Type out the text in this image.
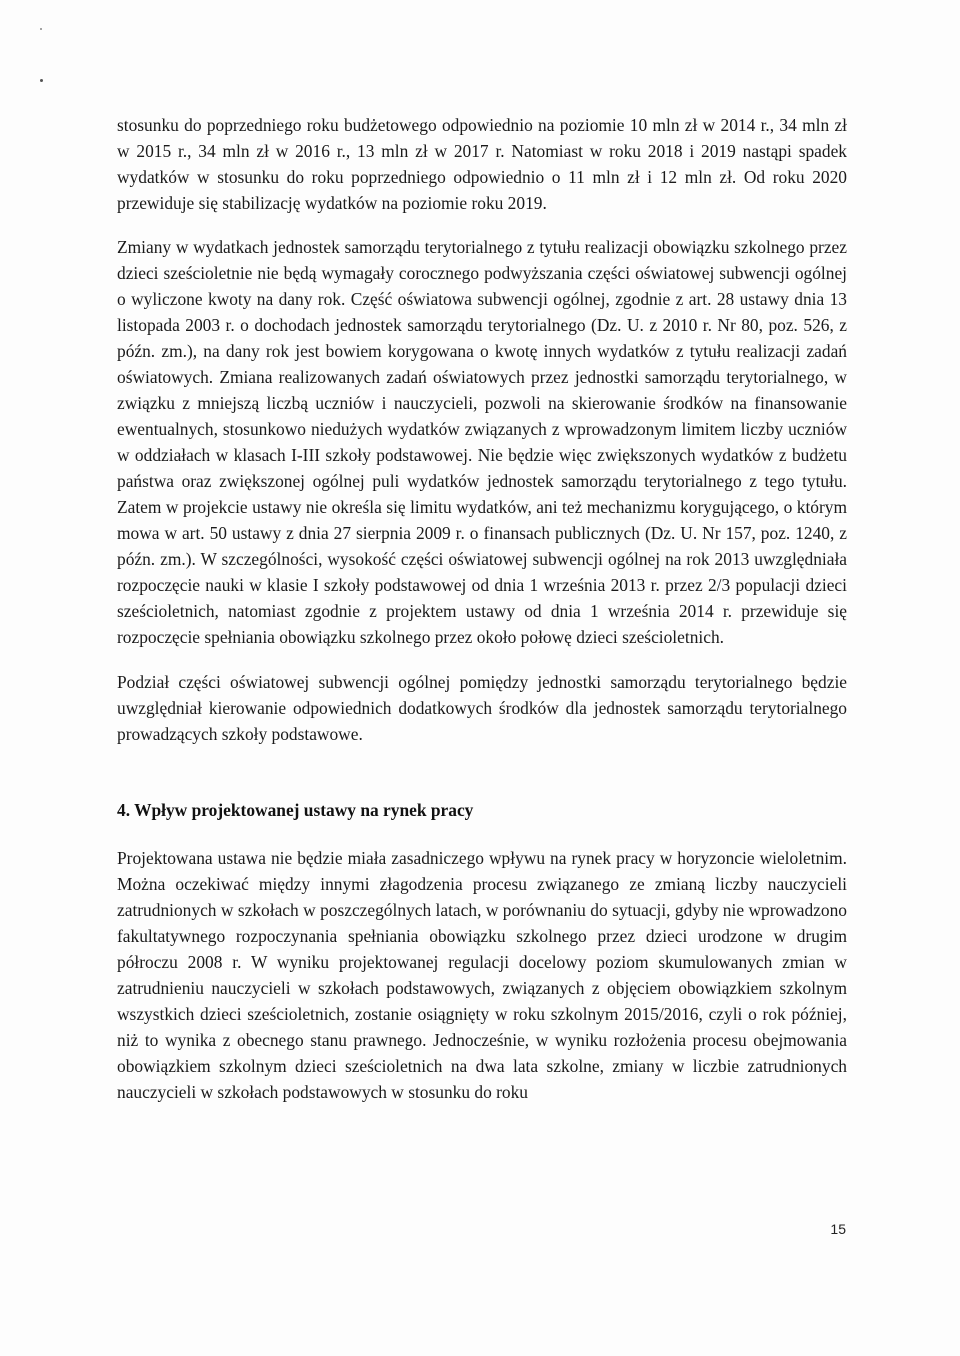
stosunku do poprzedniego roku budżetowego odpowiednio na poziomie 10 mln zł w 2014 r., 34 mln zł w 2015 r., 34 mln zł w 2016 r., 13 mln zł w 2017 r. Natomiast w roku 2018 i 2019 nastąpi spadek wydatków w stosunku do roku poprzedniego odpowiednio o 11 mln zł i 12 mln zł. Od roku 2020 przewiduje się stabilizację wydatków na poziomie roku 2019.

Zmiany w wydatkach jednostek samorządu terytorialnego z tytułu realizacji obowiązku szkolnego przez dzieci sześcioletnie nie będą wymagały corocznego podwyższania części oświatowej subwencji ogólnej o wyliczone kwoty na dany rok. Część oświatowa subwencji ogólnej, zgodnie z art. 28 ustawy dnia 13 listopada 2003 r. o dochodach jednostek samorządu terytorialnego (Dz. U. z 2010 r. Nr 80, poz. 526, z późn. zm.), na dany rok jest bowiem korygowana o kwotę innych wydatków z tytułu realizacji zadań oświatowych. Zmiana realizowanych zadań oświatowych przez jednostki samorządu terytorialnego, w związku z mniejszą liczbą uczniów i nauczycieli, pozwoli na skierowanie środków na finansowanie ewentualnych, stosunkowo niedużych wydatków związanych z wprowadzonym limitem liczby uczniów w oddziałach w klasach I-III szkoły podstawowej. Nie będzie więc zwiększonych wydatków z budżetu państwa oraz zwiększonej ogólnej puli wydatków jednostek samorządu terytorialnego z tego tytułu. Zatem w projekcie ustawy nie określa się limitu wydatków, ani też mechanizmu korygującego, o którym mowa w art. 50 ustawy z dnia 27 sierpnia 2009 r. o finansach publicznych (Dz. U. Nr 157, poz. 1240, z późn. zm.). W szczególności, wysokość części oświatowej subwencji ogólnej na rok 2013 uwzględniała rozpoczęcie nauki w klasie I szkoły podstawowej od dnia 1 września 2013 r. przez 2/3 populacji dzieci sześcioletnich, natomiast zgodnie z projektem ustawy od dnia 1 września 2014 r. przewiduje się rozpoczęcie spełniania obowiązku szkolnego przez około połowę dzieci sześcioletnich.

Podział części oświatowej subwencji ogólnej pomiędzy jednostki samorządu terytorialnego będzie uwzględniał kierowanie odpowiednich dodatkowych środków dla jednostek samorządu terytorialnego prowadzących szkoły podstawowe.

4. Wpływ projektowanej ustawy na rynek pracy

Projektowana ustawa nie będzie miała zasadniczego wpływu na rynek pracy w horyzoncie wieloletnim. Można oczekiwać między innymi złagodzenia procesu związanego ze zmianą liczby nauczycieli zatrudnionych w szkołach w poszczególnych latach, w porównaniu do sytuacji, gdyby nie wprowadzono fakultatywnego rozpoczynania spełniania obowiązku szkolnego przez dzieci urodzone w drugim półroczu 2008 r. W wyniku projektowanej regulacji docelowy poziom skumulowanych zmian w zatrudnieniu nauczycieli w szkołach podstawowych, związanych z objęciem obowiązkiem szkolnym wszystkich dzieci sześcioletnich, zostanie osiągnięty w roku szkolnym 2015/2016, czyli o rok później, niż to wynika z obecnego stanu prawnego. Jednocześnie, w wyniku rozłożenia procesu obejmowania obowiązkiem szkolnym dzieci sześcioletnich na dwa lata szkolne, zmiany w liczbie zatrudnionych nauczycieli w szkołach podstawowych w stosunku do roku

15
